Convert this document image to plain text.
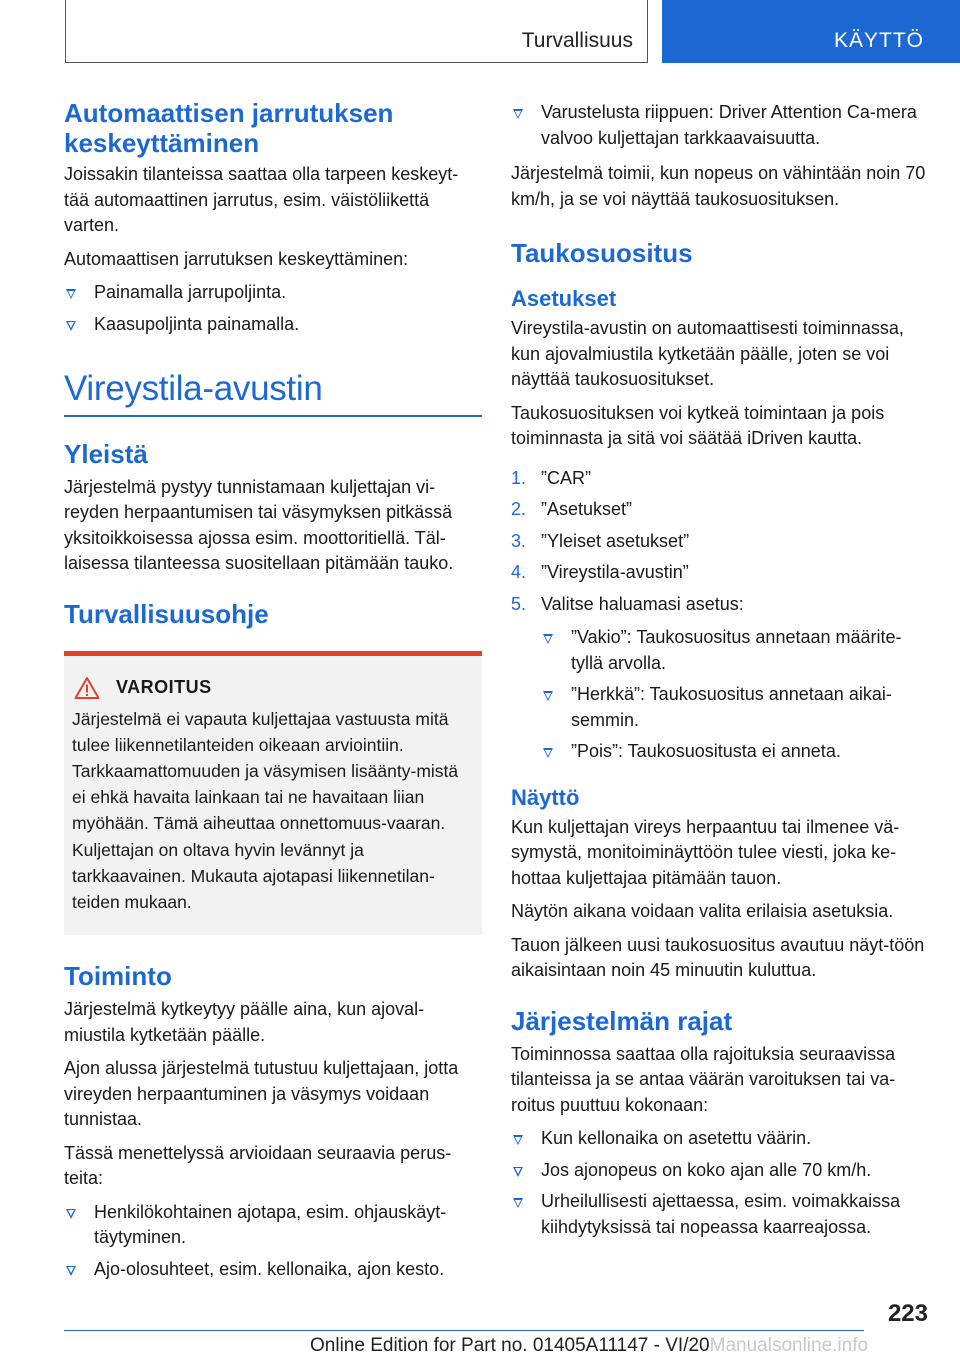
Turvallisuus	KÄYTTÖ
Automaattisen jarrutuksen keskeyttäminen

Joissakin tilanteissa saattaa olla tarpeen keskeyt-tää automaattinen jarrutus, esim. väistöliikettä varten.

Automaattisen jarrutuksen keskeyttäminen:

Painamalla jarrupoljinta.
Kaasupoljinta painamalla.
Vireystila-avustin
Yleistä

Järjestelmä pystyy tunnistamaan kuljettajan vi-reyden herpaantumisen tai väsymyksen pitkässä yksitoikkoisessa ajossa esim. moottoritiellä. Täl-laisessa tilanteessa suositellaan pitämään tauko.

Turvallisuusohje
VAROITUS

Järjestelmä ei vapauta kuljettajaa vastuusta mitä tulee liikennetilanteiden oikeaan arviointiin. Tarkkaamattomuuden ja väsymisen lisäänty-mistä ei ehkä havaita lainkaan tai ne havaitaan liian myöhään. Tämä aiheuttaa onnettomuus-vaaran. Kuljettajan on oltava hyvin levännyt ja tarkkaavainen. Mukauta ajotapasi liikennetilan-teiden mukaan.

Toiminto

Järjestelmä kytkeytyy päälle aina, kun ajoval-miustila kytketään päälle.

Ajon alussa järjestelmä tutustuu kuljettajaan, jotta vireyden herpaantuminen ja väsymys voidaan tunnistaa.

Tässä menettelyssä arvioidaan seuraavia perus-teita:

Henkilökohtainen ajotapa, esim. ohjauskäyt-täytyminen.
Ajo-olosuhteet, esim. kellonaika, ajon kesto.
Varustelusta riippuen: Driver Attention Ca-mera valvoo kuljettajan tarkkaavaisuutta.

Järjestelmä toimii, kun nopeus on vähintään noin 70 km/h, ja se voi näyttää taukosuosituksen.

Taukosuositus
Asetukset

Vireystila-avustin on automaattisesti toiminnassa, kun ajovalmiustila kytketään päälle, joten se voi näyttää taukosuositukset.

Taukosuosituksen voi kytkeä toimintaan ja pois toiminnasta ja sitä voi säätää iDriven kautta.

1. ”CAR”
2. ”Asetukset”
3. ”Yleiset asetukset”
4. ”Vireystila-avustin”
5. Valitse haluamasi asetus:
”Vakio”: Taukosuositus annetaan määrite-tyllä arvolla.
”Herkkä”: Taukosuositus annetaan aikai-semmin.
”Pois”: Taukosuositusta ei anneta.
Näyttö

Kun kuljettajan vireys herpaantuu tai ilmenee vä-symystä, monitoiminäyttöön tulee viesti, joka ke-hottaa kuljettajaa pitämään tauon.

Näytön aikana voidaan valita erilaisia asetuksia.

Tauon jälkeen uusi taukosuositus avautuu näyt-töön aikaisintaan noin 45 minuutin kuluttua.

Järjestelmän rajat

Toiminnossa saattaa olla rajoituksia seuraavissa tilanteissa ja se antaa väärän varoituksen tai va-roitus puuttuu kokonaan:

Kun kellonaika on asetettu väärin.
Jos ajonopeus on koko ajan alle 70 km/h.
Urheilullisesti ajettaessa, esim. voimakkaissa kiihdytyksissä tai nopeassa kaarreajossa.
223
Online Edition for Part no. 01405A11147 - VI/20Manualsonline.info
